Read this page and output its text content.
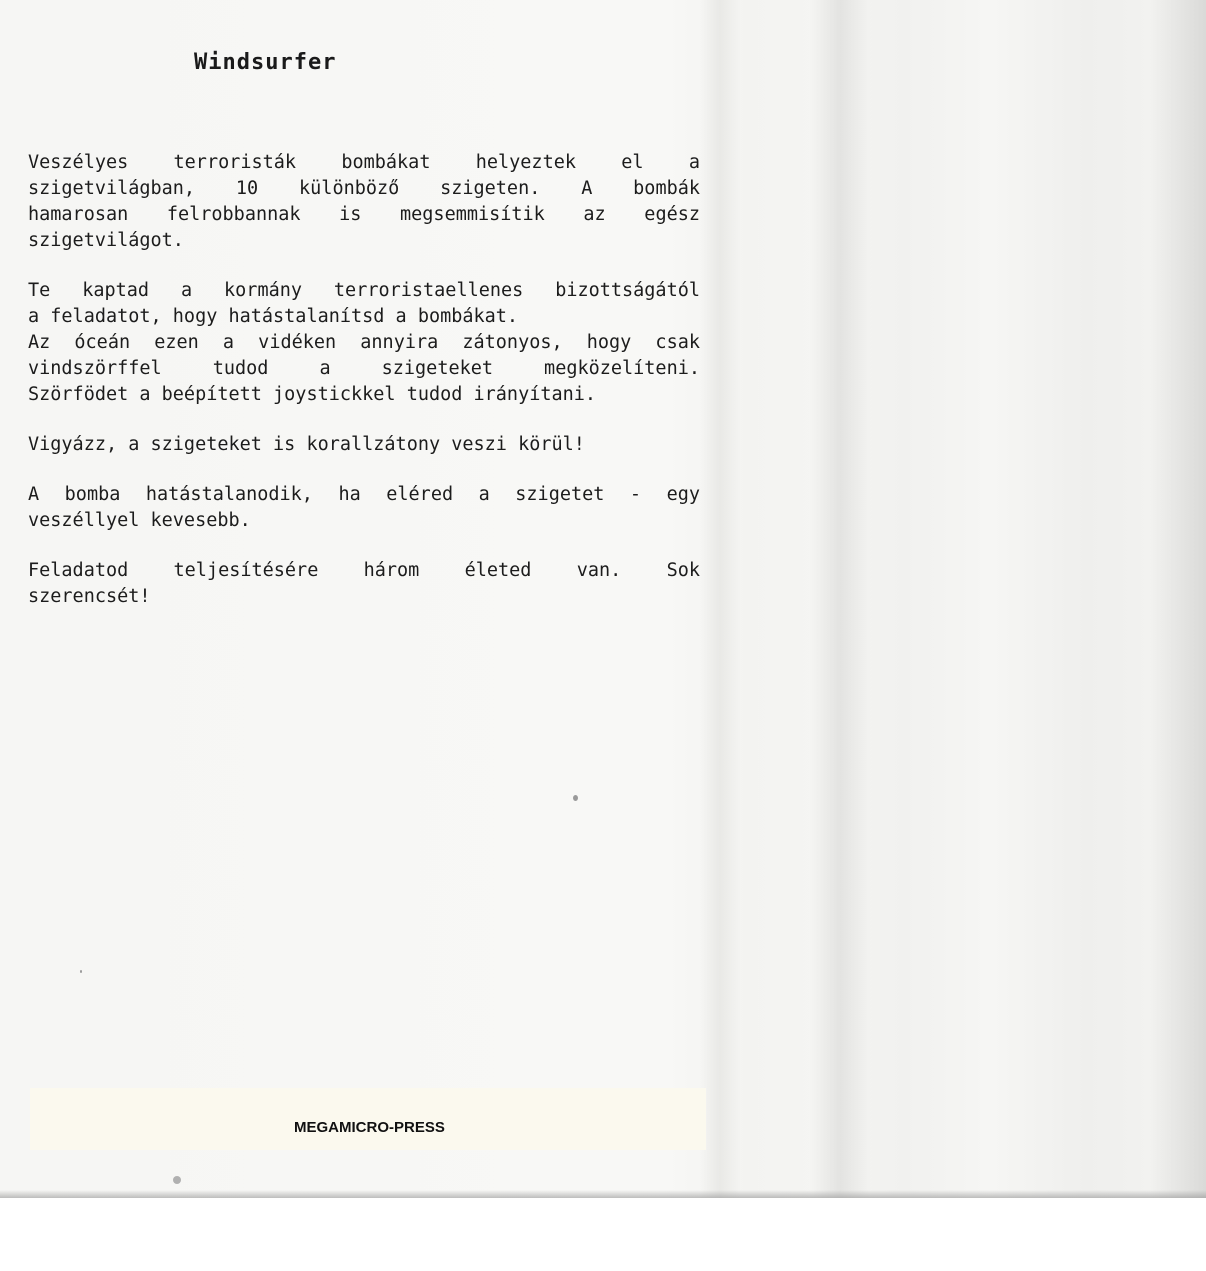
Windsurfer

Veszélyes terroristák bombákat helyeztek el a
szigetvilágban, 10 különböző szigeten. A bombák
hamarosan felrobbannak is megsemmisítik az egész
szigetvilágot.

Te kaptad a kormány terroristaellenes bizottságától
a feladatot, hogy hatástalanítsd a bombákat.
Az óceán ezen a vidéken annyira zátonyos, hogy csak
vindszörffel tudod a szigeteket megközelíteni.
Szörfödet a beépített joystickkel tudod irányítani.

Vigyázz, a szigeteket is korallzátony veszi körül!

A bomba hatástalanodik, ha eléred a szigetet - egy
veszéllyel kevesebb.

Feladatod teljesítésére három életed van. Sok
szerencsét!

MEGAMICRO-PRESS
